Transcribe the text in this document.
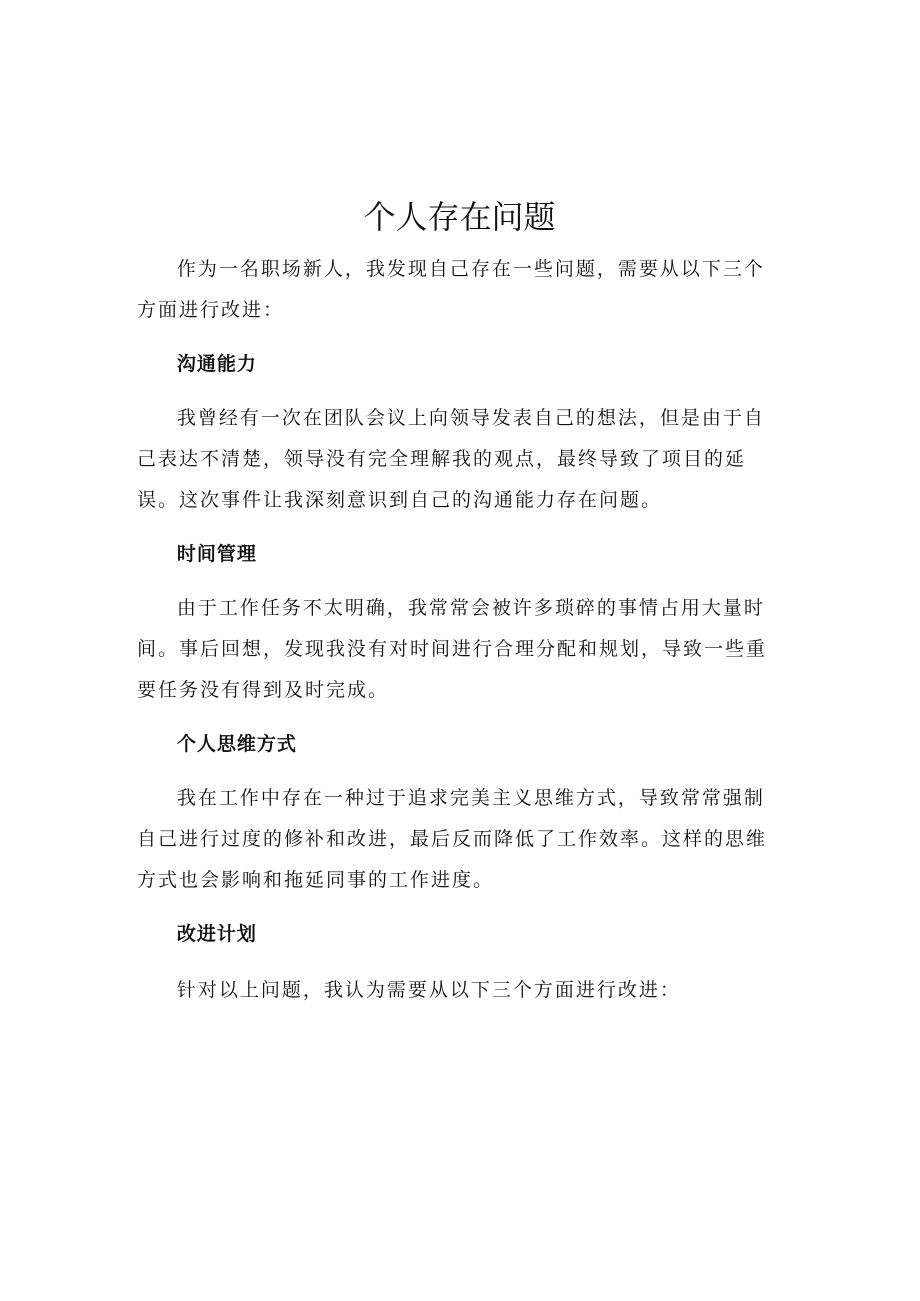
个人存在问题

作为一名职场新人，我发现自己存在一些问题，需要从以下三个方面进行改进：

沟通能力

我曾经有一次在团队会议上向领导发表自己的想法，但是由于自己表达不清楚，领导没有完全理解我的观点，最终导致了项目的延误。这次事件让我深刻意识到自己的沟通能力存在问题。

时间管理

由于工作任务不太明确，我常常会被许多琐碎的事情占用大量时间。事后回想，发现我没有对时间进行合理分配和规划，导致一些重要任务没有得到及时完成。

个人思维方式

我在工作中存在一种过于追求完美主义思维方式，导致常常强制自己进行过度的修补和改进，最后反而降低了工作效率。这样的思维方式也会影响和拖延同事的工作进度。

改进计划

针对以上问题，我认为需要从以下三个方面进行改进：
